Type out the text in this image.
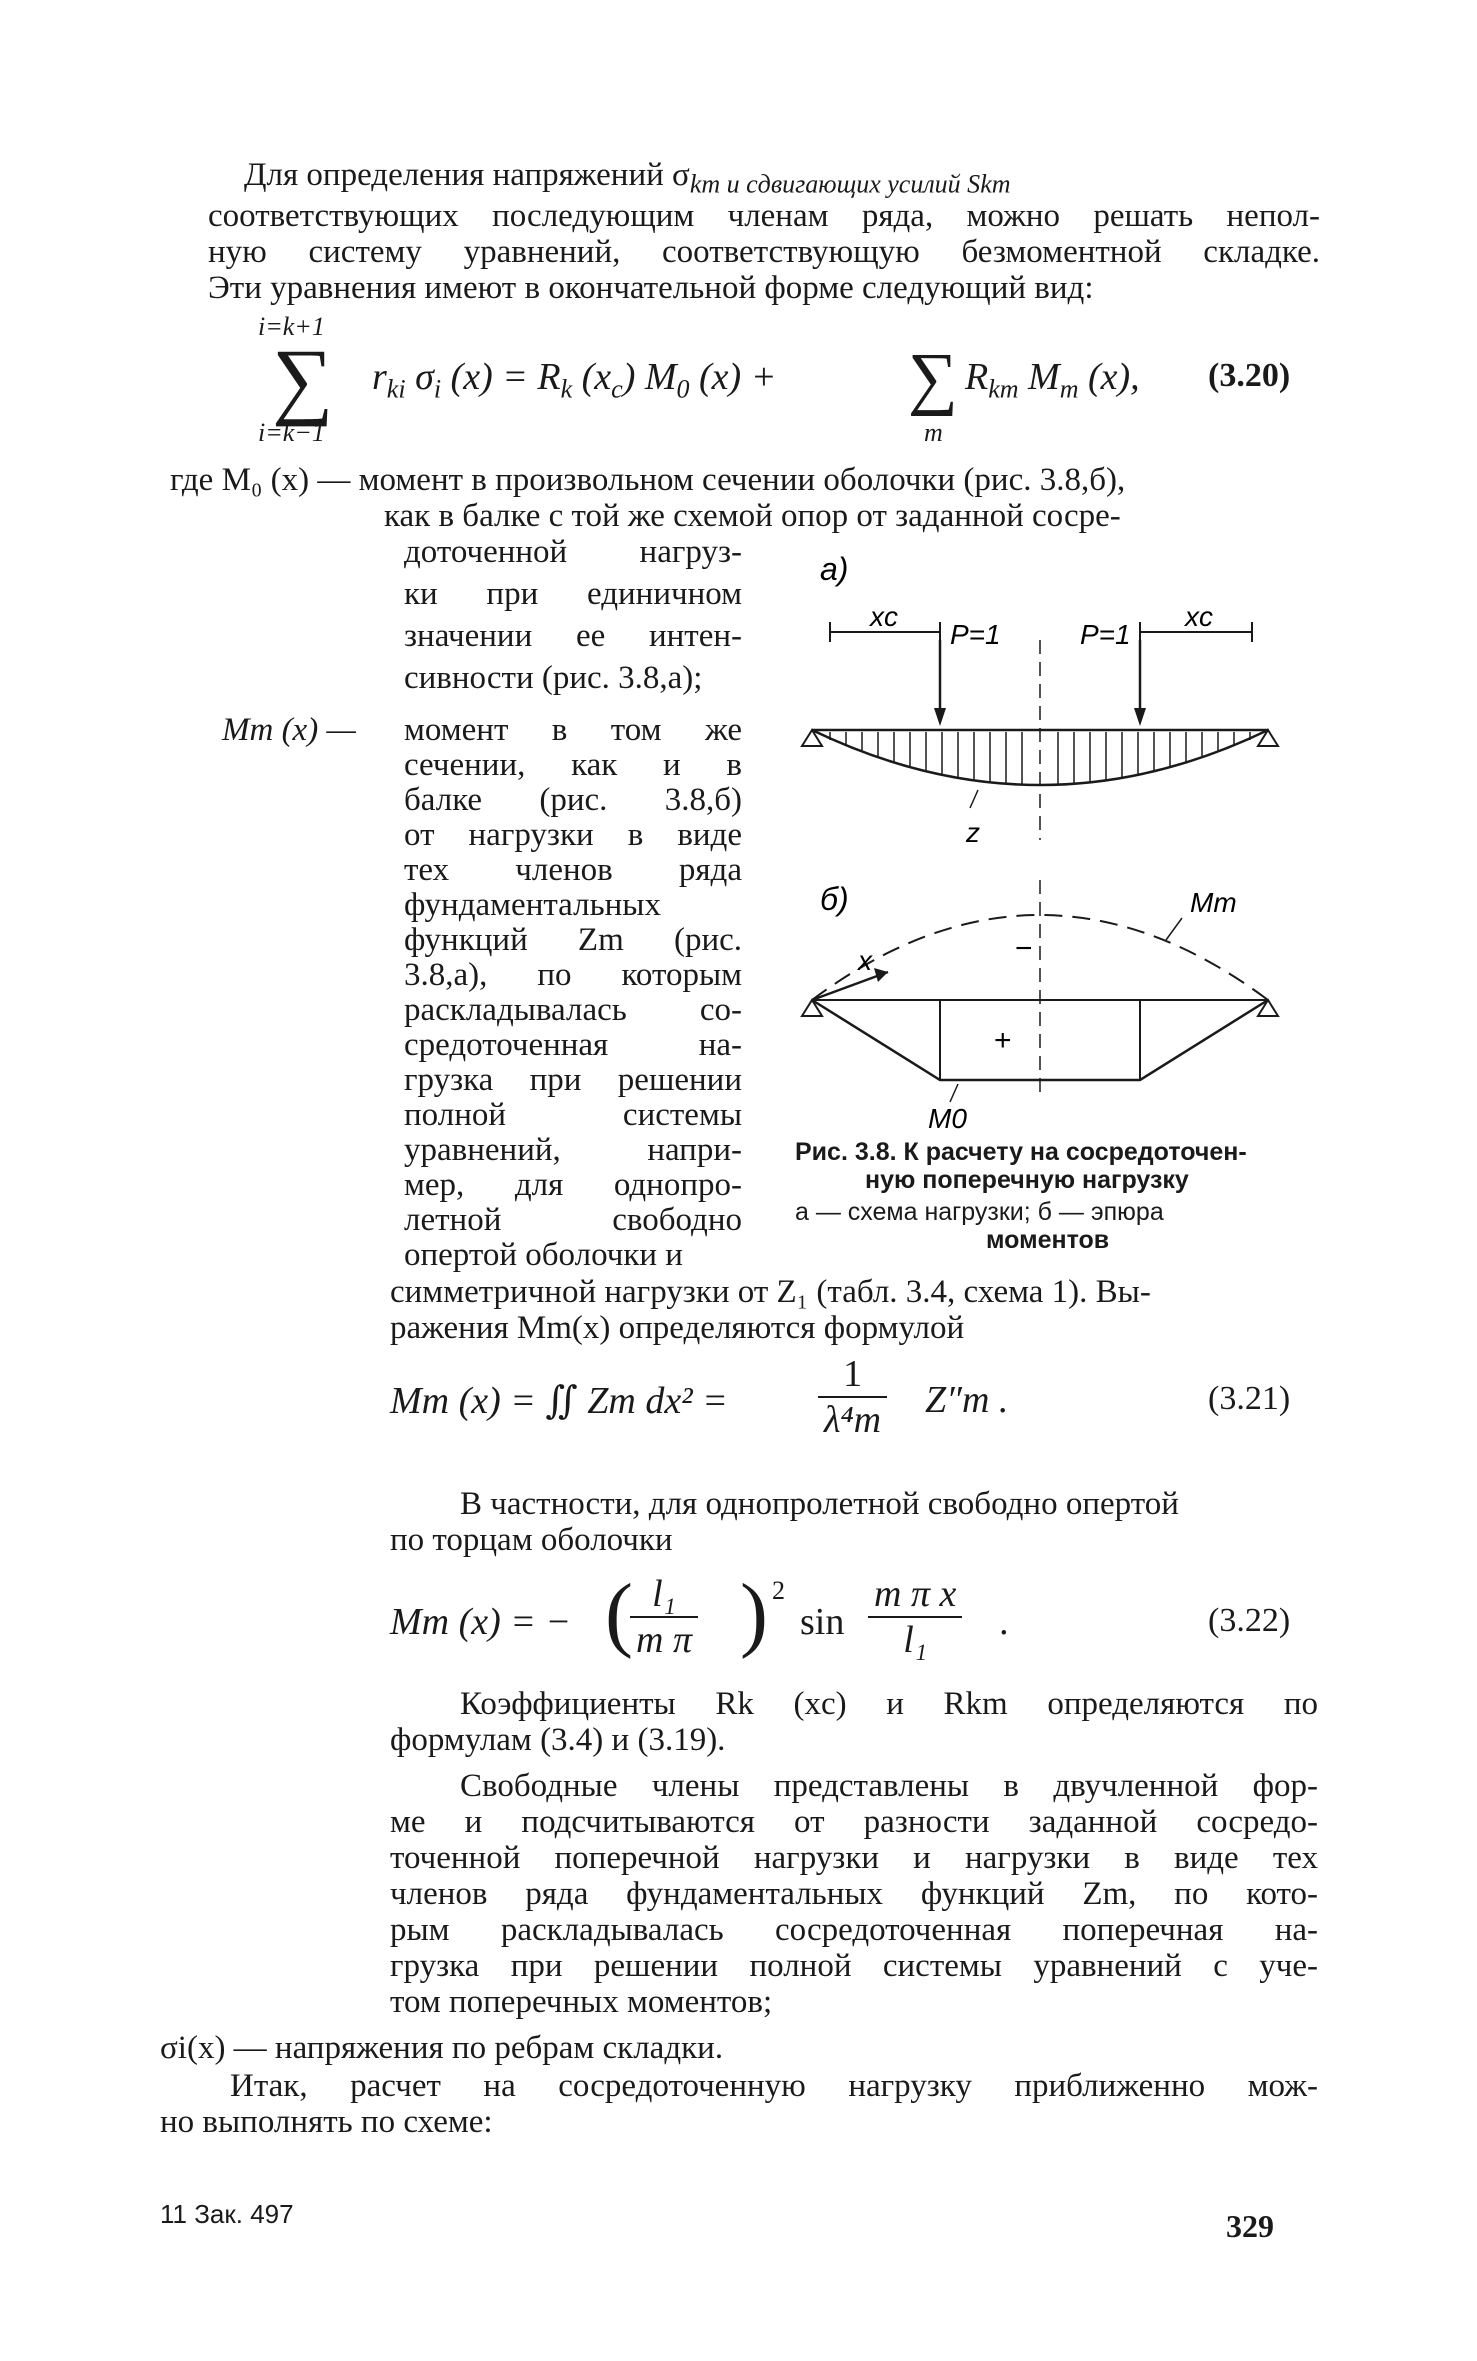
Для определения напряжений $\sigma_{km и сдвигающих усилий Skm}$
соответствующих последующим членам ряда, можно решать непол-
ную систему уравнений, соответствующую безмоментной складке.
Эти уравнения имеют в окончательной форме следующий вид:
i=k+1
∑
i=k−1
$r_{ki}$ $\sigma_i$ $(x) = R_k$ $(x_c)$ $M_0$ (x) + ∑
m
$R_{km}$ $M_m$ (x), (3.20)
где M₀ (x) — момент в произвольном сечении оболочки (рис. 3.8,б),
как в балке с той же схемой опор от заданной сосре-
доточенной нагруз-
ки при единичном
значении ее интен-
сивности (рис. 3.8,а);
Mm (x) — момент в том же
сечении, как и в
балке (рис. 3.8,б)
от нагрузки в виде
тех членов ряда
фундаментальных
функций Zm (рис.
3.8,а), по которым
раскладывалась со-
средоточенная на-
грузка при решении
полной системы
уравнений, напри-
мер, для однопро-
летной свободно
опертой оболочки и
а)
xc	xc
P=1	P=1
z
б)
−
Mm
x
+
M0
Рис. 3.8. К расчету на сосредоточен-
ную поперечную нагрузку
а — схема нагрузки; б — эпюра
моментов
симметричной нагрузки от Z₁ (табл. 3.4, схема 1). Вы-
ражения Mm(x) определяются формулой
Mm (x) = ∬ Zm $dx^2 = \frac{1}{\text{λ⁴m}} Z''m$ .	(3.21)
В частности, для однопролетной свободно опертой
по торцам оболочки
Mm (x) = − (
$\frac{\text{l₁}}{\text{m π}}$ ) 2
$\sin \frac{\text{m π x}}{\text{l₁}}$ .	(3.22)
Коэффициенты Rk (xc) и Rkm определяются по
формулам (3.4) и (3.19).
Свободные члены представлены в двучленной фор-
ме и подсчитываются от разности заданной сосредо-
точенной поперечной нагрузки и нагрузки в виде тех
членов ряда фундаментальных функций Zm, по кото-
рым раскладывалась сосредоточенная поперечная на-
грузка при решении полной системы уравнений с уче-
том поперечных моментов;
σi(x) — напряжения по ребрам складки.
Итак, расчет на сосредоточенную нагрузку приближенно мож-
но выполнять по схеме:
11 Зак. 497	329
